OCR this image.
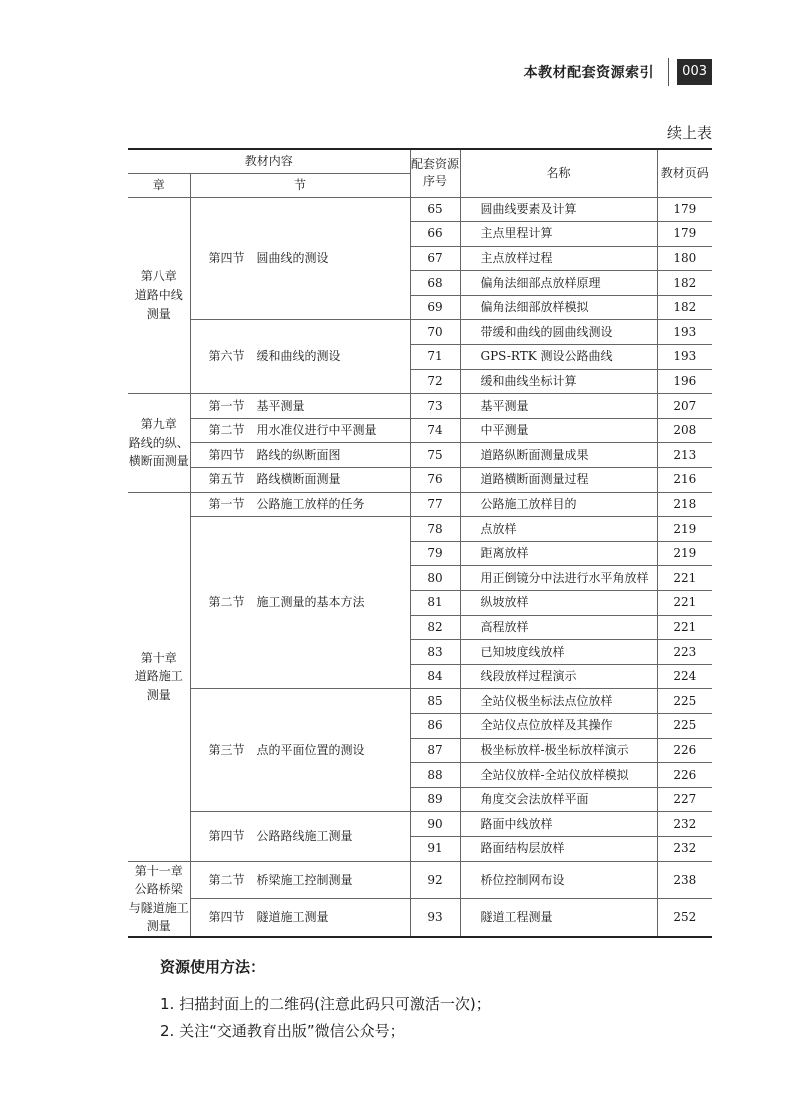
本教材配套资源索引	003
续上表
教材内容		配套资源序号	名称	教材页码
章	节			
第八章
道路中线
测量	第四节　圆曲线的测设	65	圆曲线要素及计算	179
		66	主点里程计算	179
		67	主点放样过程	180
		68	偏角法细部点放样原理	182
		69	偏角法细部放样模拟	182
	第六节　缓和曲线的测设	70	带缓和曲线的圆曲线测设	193
		71	GPS-RTK 测设公路曲线	193
		72	缓和曲线坐标计算	196
第九章
路线的纵、
横断面测量	第一节　基平测量	73	基平测量	207
	第二节　用水准仪进行中平测量	74	中平测量	208
	第四节　路线的纵断面图	75	道路纵断面测量成果	213
	第五节　路线横断面测量	76	道路横断面测量过程	216
第十章
道路施工
测量	第一节　公路施工放样的任务	77	公路施工放样目的	218
	第二节　施工测量的基本方法	78	点放样	219
		79	距离放样	219
		80	用正倒镜分中法进行水平角放样	221
		81	纵坡放样	221
		82	高程放样	221
		83	已知坡度线放样	223
		84	线段放样过程演示	224
	第三节　点的平面位置的测设	85	全站仪极坐标法点位放样	225
		86	全站仪点位放样及其操作	225
		87	极坐标放样-极坐标放样演示	226
		88	全站仪放样-全站仪放样模拟	226
		89	角度交会法放样平面	227
	第四节　公路路线施工测量	90	路面中线放样	232
		91	路面结构层放样	232
第十一章
公路桥梁
与隧道施工
测量	第二节　桥梁施工控制测量	92	桥位控制网布设	238
	第四节　隧道施工测量	93	隧道工程测量	252
资源使用方法：
1. 扫描封面上的二维码(注意此码只可激活一次)；
2. 关注“交通教育出版”微信公众号；
